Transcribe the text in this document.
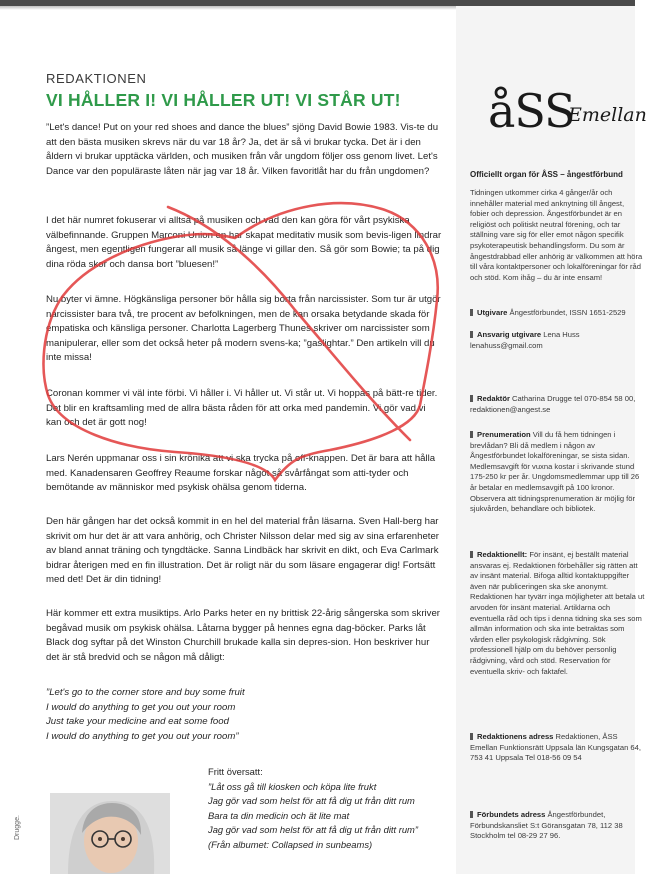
REDAKTIONEN
VI HÅLLER I! VI HÅLLER UT! VI STÅR UT!

”Let's dance! Put on your red shoes and dance the blues” sjöng David Bowie 1983. Vis-te du att den bästa musiken skrevs när du var 18 år? Ja, det är så vi brukar tycka. Det är i den åldern vi brukar upptäcka världen, och musiken från vår ungdom följer oss genom livet. Let's Dance var den populäraste låten när jag var 18 år. Vilken favoritlåt har du från ungdomen?

I det här numret fokuserar vi alltså på musiken och vad den kan göra för vårt psykiska välbefinnande. Gruppen Marconi Union en har skapat meditativ musik som bevis-ligen lindrar ångest, men egentligen fungerar all musik så länge vi gillar den. Så gör som Bowie; ta på dig dina röda skor och dansa bort ”bluesen!”

Nu byter vi ämne. Högkänsliga personer bör hålla sig borta från narcissister. Som tur är utgör narcissister bara två, tre procent av befolkningen, men de kan orsaka betydande skada för empatiska och känsliga personer. Charlotta Lagerberg Thunes skriver om narcissister som manipulerar, eller som det också heter på modern svens-ka; ”gaslightar.” Den artikeln vill du inte missa!

Coronan kommer vi väl inte förbi. Vi håller i. Vi håller ut. Vi står ut. Vi hoppas på bätt-re tider. Det blir en kraftsamling med de allra bästa råden för att orka med pandemin. Vi gör vad vi kan och det är gott nog!

Lars Nerén uppmanar oss i sin krönika att vi ska trycka på off-knappen. Det är bara att hålla med. Kanadensaren Geoffrey Reaume forskar något så svårfångat som atti-tyder och bemötande av människor med psykisk ohälsa genom tiderna.

Den här gången har det också kommit in en hel del material från läsarna. Sven Hall-berg har skrivit om hur det är att vara anhörig, och Christer Nilsson delar med sig av sina erfarenheter av bland annat träning och tyngdtäcke. Sanna Lindbäck har skrivit en dikt, och Eva Carlmark bidrar återigen med en fin illustration. Det är roligt när du som läsare engagerar dig! Fortsätt med det! Det är din tidning!

Här kommer ett extra musiktips. Arlo Parks heter en ny brittisk 22-årig sångerska som skriver begåvad musik om psykisk ohälsa. Låtarna bygger på hennes egna dag-böcker. Parks låt Black dog syftar på det Winston Churchill brukade kalla sin depres-sion. Hon beskriver hur det är stå bredvid och se någon må dåligt:

”Let's go to the corner store and buy some fruit
I would do anything to get you out your room
Just take your medicine and eat some food
I would do anything to get you out your room”
Fritt översatt:
”Låt oss gå till kiosken och köpa lite frukt
Jag gör vad som helst för att få dig ut från ditt rum
Bara ta din medicin och ät lite mat
Jag gör vad som helst för att få dig ut från ditt rum”
(Från albumet: Collapsed in sunbeams)
Drugge.
åSS
Emellan
Officiellt organ för ÅSS – ångestförbund
Tidningen utkommer cirka 4 gånger/år och innehåller material med anknytning till ångest, fobier och depression. Ångestförbundet är en religiöst och politiskt neutral förening, och tar ställning vare sig för eller emot någon specifik psykoterapeutisk behandlingsform. Du som är ångestdrabbad eller anhörig är välkommen att höra till våra kontaktpersoner och lokalföreningar för råd och stöd. Kom ihåg – du är inte ensam!
Utgivare Ångestförbundet, ISSN 1651-2529
Ansvarig utgivare Lena Huss lenahuss@gmail.com
Redaktör Catharina Drugge tel 070-854 58 00, redaktionen@angest.se
Prenumeration Vill du få hem tidningen i brevlådan? Bli då medlem i någon av Ångestförbundet lokalföreningar, se sista sidan. Medlemsavgift för vuxna kostar i skrivande stund 175-250 kr per år. Ungdomsmedlemmar upp till 26 år betalar en medlemsavgift på 100 kronor. Observera att tidningsprenumeration är möjlig för sjukvården, behandlare och bibliotek.
Redaktionellt: För insänt, ej beställt material ansvaras ej. Redaktionen förbehåller sig rätten att av insänt material. Bifoga alltid kontaktuppgifter även när publiceringen ska ske anonymt. Redaktionen har tyvärr inga möjligheter att betala ut arvoden för insänt material. Artiklarna och eventuella råd och tips i denna tidning ska ses som allmän information och ska inte betraktas som vården eller psykologisk rådgivning. Sök professionell hjälp om du behöver personlig rådgivning, vård och stöd. Reservation för eventuella skriv- och faktafel.
Redaktionens adress Redaktionen, ÅSS Emellan Funktionsrätt Uppsala län Kungsgatan 64, 753 41 Uppsala Tel 018-56 09 54
Förbundets adress Ångestförbundet, Förbundskansliet S:t Göransgatan 78, 112 38 Stockholm tel 08-29 27 96.
